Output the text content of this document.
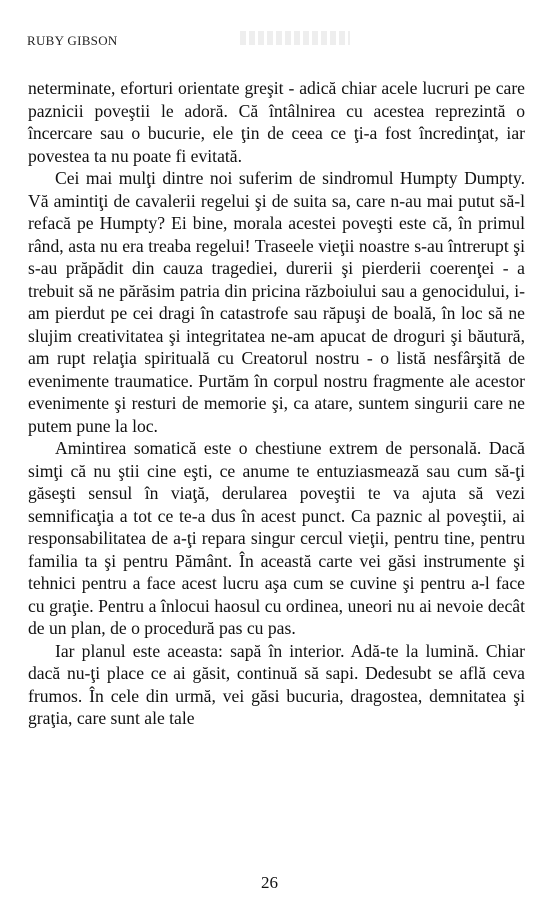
RUBY GIBSON

neterminate, eforturi orientate greşit - adică chiar acele lucruri pe care paznicii poveştii le adoră. Că întâlnirea cu acestea reprezintă o încercare sau o bucurie, ele ţin de ceea ce ţi-a fost încredinţat, iar povestea ta nu poate fi evitată.

Cei mai mulţi dintre noi suferim de sindromul Humpty Dumpty. Vă amintiţi de cavalerii regelui şi de suita sa, care n-au mai putut să-l refacă pe Humpty? Ei bine, morala acestei poveşti este că, în primul rând, asta nu era treaba regelui! Traseele vieţii noastre s-au întrerupt şi s-au prăpădit din cauza tragediei, durerii şi pierderii coerenţei - a trebuit să ne părăsim patria din pricina războiului sau a genocidului, i-am pierdut pe cei dragi în catastrofe sau răpuşi de boală, în loc să ne slujim creativitatea şi integritatea ne-am apucat de droguri şi băutură, am rupt relaţia spirituală cu Creatorul nostru - o listă nesfârşită de evenimente traumatice. Purtăm în corpul nostru fragmente ale acestor evenimente şi resturi de memorie şi, ca atare, suntem singurii care ne putem pune la loc.

Amintirea somatică este o chestiune extrem de personală. Dacă simţi că nu ştii cine eşti, ce anume te entuziasmează sau cum să-ţi găseşti sensul în viaţă, derularea poveştii te va ajuta să vezi semnificaţia a tot ce te-a dus în acest punct. Ca paznic al poveştii, ai responsabilitatea de a-ţi repara singur cercul vieţii, pentru tine, pentru familia ta şi pentru Pământ. În această carte vei găsi instrumente şi tehnici pentru a face acest lucru aşa cum se cuvine şi pentru a-l face cu graţie. Pentru a înlocui haosul cu ordinea, uneori nu ai nevoie decât de un plan, de o procedură pas cu pas.

Iar planul este aceasta: sapă în interior. Adă-te la lumină. Chiar dacă nu-ţi place ce ai găsit, continuă să sapi. Dedesubt se află ceva frumos. În cele din urmă, vei găsi bucuria, dragostea, demnitatea şi graţia, care sunt ale tale

26
